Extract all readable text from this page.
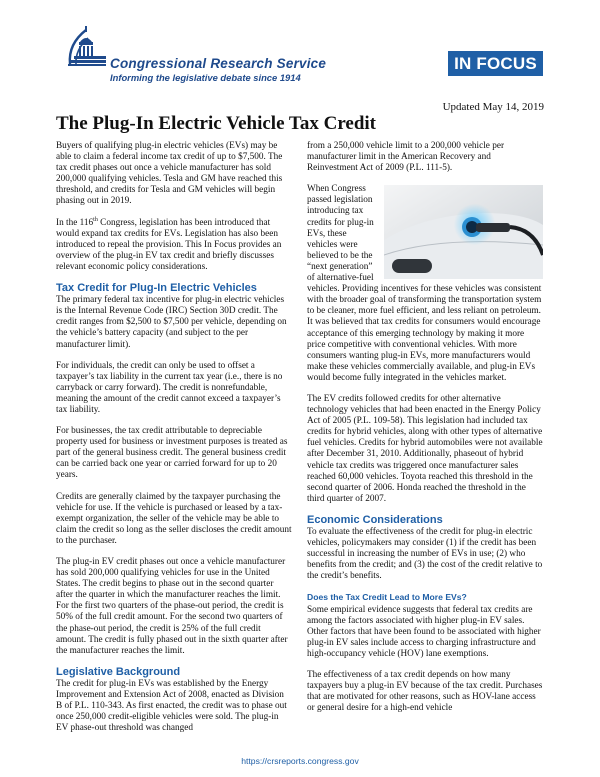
Congressional Research Service
Informing the legislative debate since 1914
IN FOCUS
Updated May 14, 2019
The Plug-In Electric Vehicle Tax Credit

Buyers of qualifying plug-in electric vehicles (EVs) may be able to claim a federal income tax credit of up to $7,500. The tax credit phases out once a vehicle manufacturer has sold 200,000 qualifying vehicles. Tesla and GM have reached this threshold, and credits for Tesla and GM vehicles will begin phasing out in 2019.

In the 116th Congress, legislation has been introduced that would expand tax credits for EVs. Legislation has also been introduced to repeal the provision. This In Focus provides an overview of the plug-in EV tax credit and briefly discusses relevant economic policy considerations.

Tax Credit for Plug-In Electric Vehicles

The primary federal tax incentive for plug-in electric vehicles is the Internal Revenue Code (IRC) Section 30D credit. The credit ranges from $2,500 to $7,500 per vehicle, depending on the vehicle’s battery capacity (and subject to the per manufacturer limit).

For individuals, the credit can only be used to offset a taxpayer’s tax liability in the current tax year (i.e., there is no carryback or carry forward). The credit is nonrefundable, meaning the amount of the credit cannot exceed a taxpayer’s tax liability.

For businesses, the tax credit attributable to depreciable property used for business or investment purposes is treated as part of the general business credit. The general business credit can be carried back one year or carried forward for up to 20 years.

Credits are generally claimed by the taxpayer purchasing the vehicle for use. If the vehicle is purchased or leased by a tax-exempt organization, the seller of the vehicle may be able to claim the credit so long as the seller discloses the credit amount to the purchaser.

The plug-in EV credit phases out once a vehicle manufacturer has sold 200,000 qualifying vehicles for use in the United States. The credit begins to phase out in the second quarter after the quarter in which the manufacturer reaches the limit. For the first two quarters of the phase-out period, the credit is 50% of the full credit amount. For the second two quarters of the phase-out period, the credit is 25% of the full credit amount. The credit is fully phased out in the sixth quarter after the manufacturer reaches the limit.

Legislative Background

The credit for plug-in EVs was established by the Energy Improvement and Extension Act of 2008, enacted as Division B of P.L. 110-343. As first enacted, the credit was to phase out once 250,000 credit-eligible vehicles were sold. The plug-in EV phase-out threshold was changed

from a 250,000 vehicle limit to a 200,000 vehicle per manufacturer limit in the American Recovery and Reinvestment Act of 2009 (P.L. 111-5).

When Congress passed legislation introducing tax credits for plug-in EVs, these vehicles were believed to be the “next generation” of alternative-fuel vehicles. Providing incentives for these vehicles was consistent with the broader goal of transforming the transportation system to be cleaner, more fuel efficient, and less reliant on petroleum. It was believed that tax credits for consumers would encourage acceptance of this emerging technology by making it more price competitive with conventional vehicles. With more consumers wanting plug-in EVs, more manufacturers would make these vehicles commercially available, and plug-in EVs would become fully integrated in the vehicles market.

The EV credits followed credits for other alternative technology vehicles that had been enacted in the Energy Policy Act of 2005 (P.L. 109-58). This legislation had included tax credits for hybrid vehicles, along with other types of alternative fuel vehicles. Credits for hybrid automobiles were not available after December 31, 2010. Additionally, phaseout of hybrid vehicle tax credits was triggered once manufacturer sales reached 60,000 vehicles. Toyota reached this threshold in the second quarter of 2006. Honda reached the threshold in the third quarter of 2007.

Economic Considerations

To evaluate the effectiveness of the credit for plug-in electric vehicles, policymakers may consider (1) if the credit has been successful in increasing the number of EVs in use; (2) who benefits from the credit; and (3) the cost of the credit relative to the credit’s benefits.

Does the Tax Credit Lead to More EVs?

Some empirical evidence suggests that federal tax credits are among the factors associated with higher plug-in EV sales. Other factors that have been found to be associated with higher plug-in EV sales include access to charging infrastructure and high-occupancy vehicle (HOV) lane exemptions.

The effectiveness of a tax credit depends on how many taxpayers buy a plug-in EV because of the tax credit. Purchases that are motivated for other reasons, such as HOV-lane access or general desire for a high-end vehicle

https://crsreports.congress.gov
